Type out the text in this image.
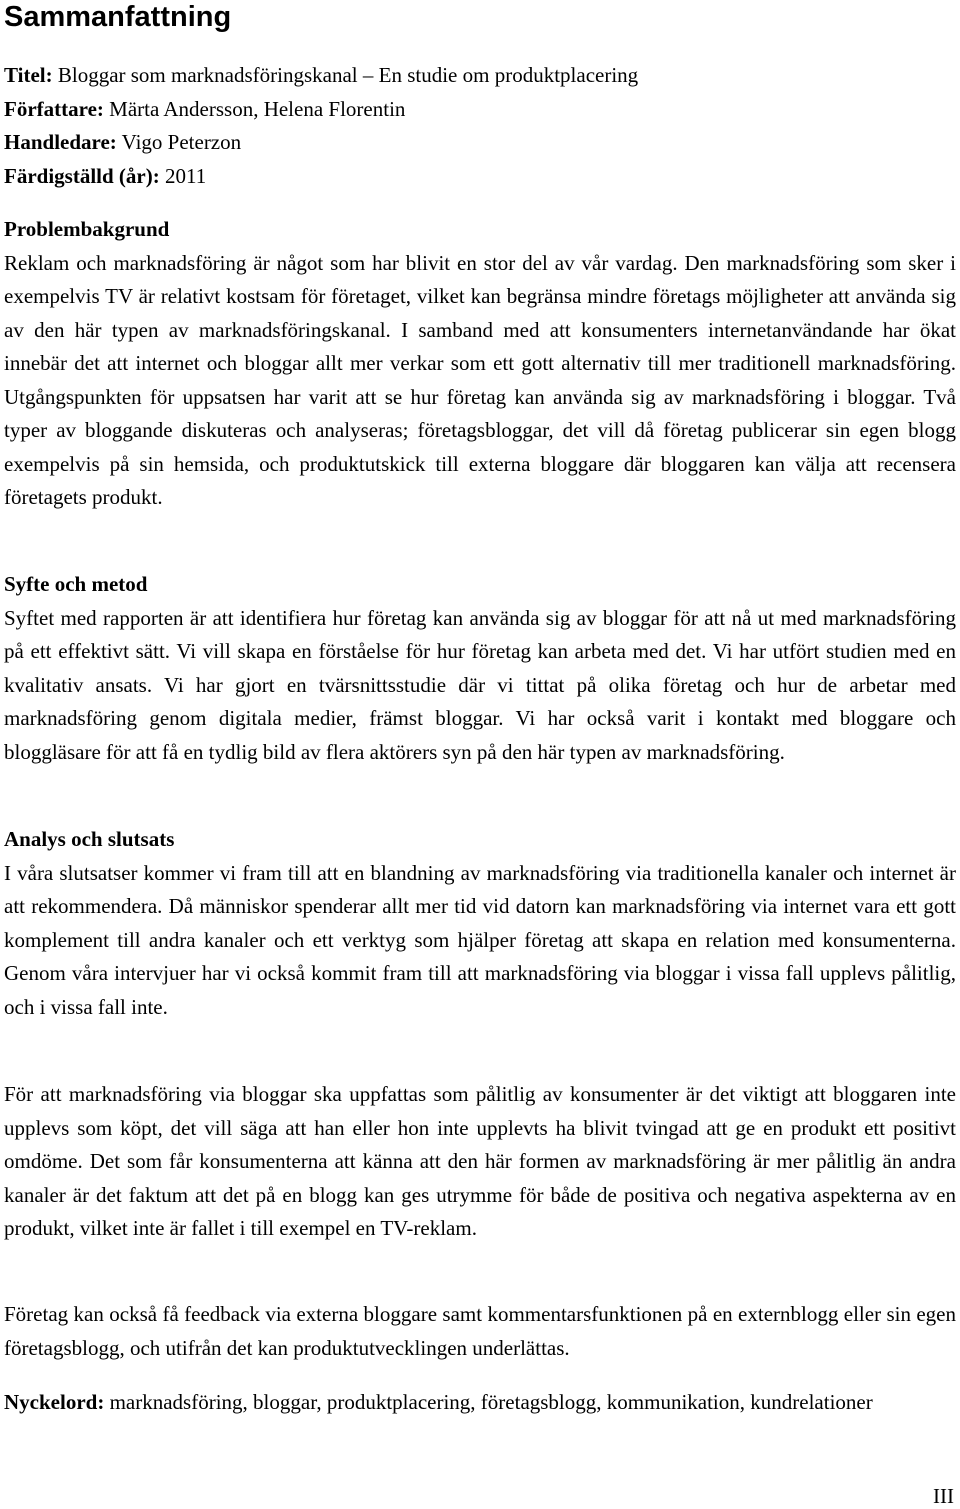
Sammanfattning
Titel: Bloggar som marknadsföringskanal – En studie om produktplacering
Författare: Märta Andersson, Helena Florentin
Handledare: Vigo Peterzon
Färdigställd (år): 2011
Problembakgrund

Reklam och marknadsföring är något som har blivit en stor del av vår vardag. Den marknadsföring som sker i exempelvis TV är relativt kostsam för företaget, vilket kan begränsa mindre företags möjligheter att använda sig av den här typen av marknadsföringskanal. I samband med att konsumenters internetanvändande har ökat innebär det att internet och bloggar allt mer verkar som ett gott alternativ till mer traditionell marknadsföring. Utgångspunkten för uppsatsen har varit att se hur företag kan använda sig av marknadsföring i bloggar. Två typer av bloggande diskuteras och analyseras; företagsbloggar, det vill då företag publicerar sin egen blogg exempelvis på sin hemsida, och produktutskick till externa bloggare där bloggaren kan välja att recensera företagets produkt.

Syfte och metod

Syftet med rapporten är att identifiera hur företag kan använda sig av bloggar för att nå ut med marknadsföring på ett effektivt sätt. Vi vill skapa en förståelse för hur företag kan arbeta med det. Vi har utfört studien med en kvalitativ ansats. Vi har gjort en tvärsnittsstudie där vi tittat på olika företag och hur de arbetar med marknadsföring genom digitala medier, främst bloggar. Vi har också varit i kontakt med bloggare och bloggläsare för att få en tydlig bild av flera aktörers syn på den här typen av marknadsföring.

Analys och slutsats

I våra slutsatser kommer vi fram till att en blandning av marknadsföring via traditionella kanaler och internet är att rekommendera. Då människor spenderar allt mer tid vid datorn kan marknadsföring via internet vara ett gott komplement till andra kanaler och ett verktyg som hjälper företag att skapa en relation med konsumenterna. Genom våra intervjuer har vi också kommit fram till att marknadsföring via bloggar i vissa fall upplevs pålitlig, och i vissa fall inte.

För att marknadsföring via bloggar ska uppfattas som pålitlig av konsumenter är det viktigt att bloggaren inte upplevs som köpt, det vill säga att han eller hon inte upplevts ha blivit tvingad att ge en produkt ett positivt omdöme. Det som får konsumenterna att känna att den här formen av marknadsföring är mer pålitlig än andra kanaler är det faktum att det på en blogg kan ges utrymme för både de positiva och negativa aspekterna av en produkt, vilket inte är fallet i till exempel en TV-reklam.

Företag kan också få feedback via externa bloggare samt kommentarsfunktionen på en externblogg eller sin egen företagsblogg, och utifrån det kan produktutvecklingen underlättas.

Nyckelord: marknadsföring, bloggar, produktplacering, företagsblogg, kommunikation, kundrelationer

III
